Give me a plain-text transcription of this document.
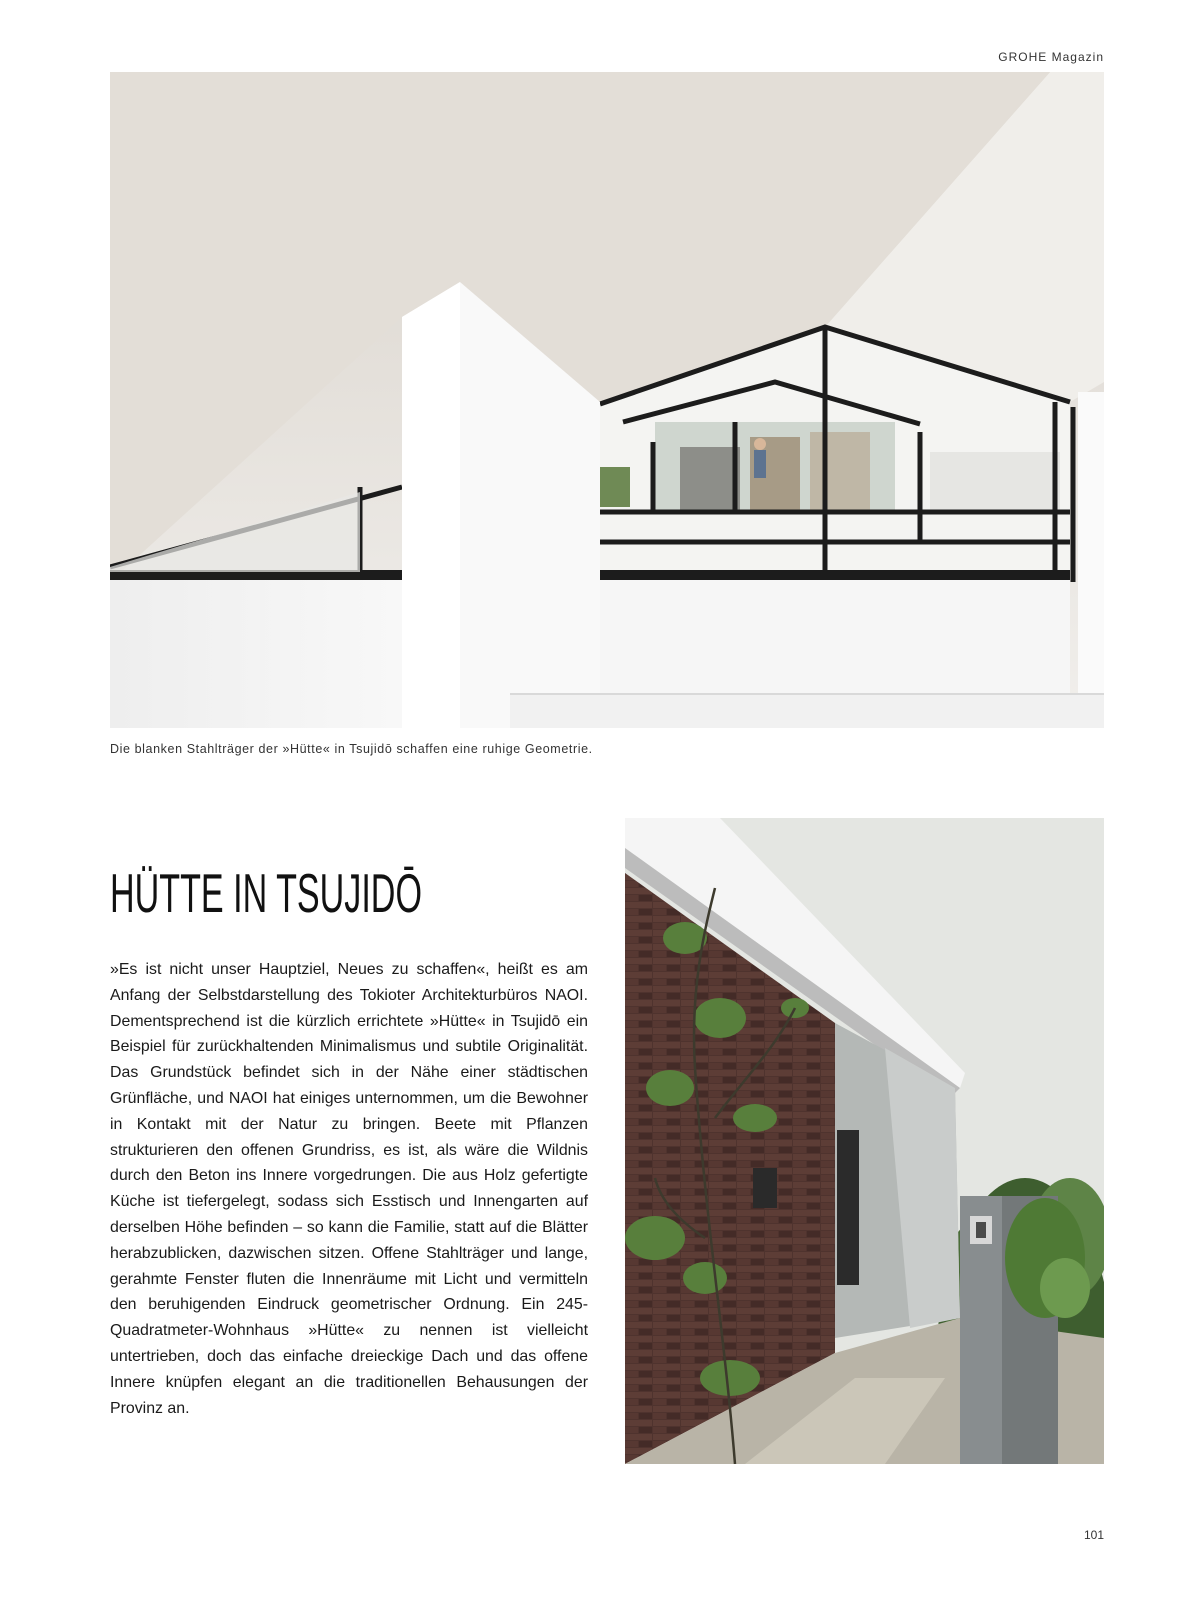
GROHE Magazin
Die blanken Stahlträger der »Hütte« in Tsujidō schaffen eine ruhige Geometrie.
HÜTTE IN TSUJIDŌ

»Es ist nicht unser Hauptziel, Neues zu schaffen«, heißt es am Anfang der Selbstdarstellung des Tokioter Architekturbüros NAOI. Dementsprechend ist die kürzlich errichtete »Hütte« in Tsujidō ein Beispiel für zurückhaltenden Minimalismus und subtile Originalität. Das Grundstück befindet sich in der Nähe einer städtischen Grünfläche, und NAOI hat einiges unternommen, um die Bewohner in Kontakt mit der Natur zu bringen. Beete mit Pflanzen strukturieren den offenen Grundriss, es ist, als wäre die Wildnis durch den Beton ins Innere vorgedrungen. Die aus Holz gefertigte Küche ist tiefergelegt, sodass sich Esstisch und Innengarten auf derselben Höhe befinden – so kann die Familie, statt auf die Blätter herabzublicken, dazwischen sitzen. Offene Stahlträger und lange, gerahmte Fenster fluten die Innenräume mit Licht und vermitteln den beruhigenden Eindruck geometrischer Ordnung. Ein 245-Quadratmeter-Wohnhaus »Hütte« zu nennen ist vielleicht untertrieben, doch das einfache dreieckige Dach und das offene Innere knüpfen elegant an die traditionellen Behausungen der Provinz an.

101
